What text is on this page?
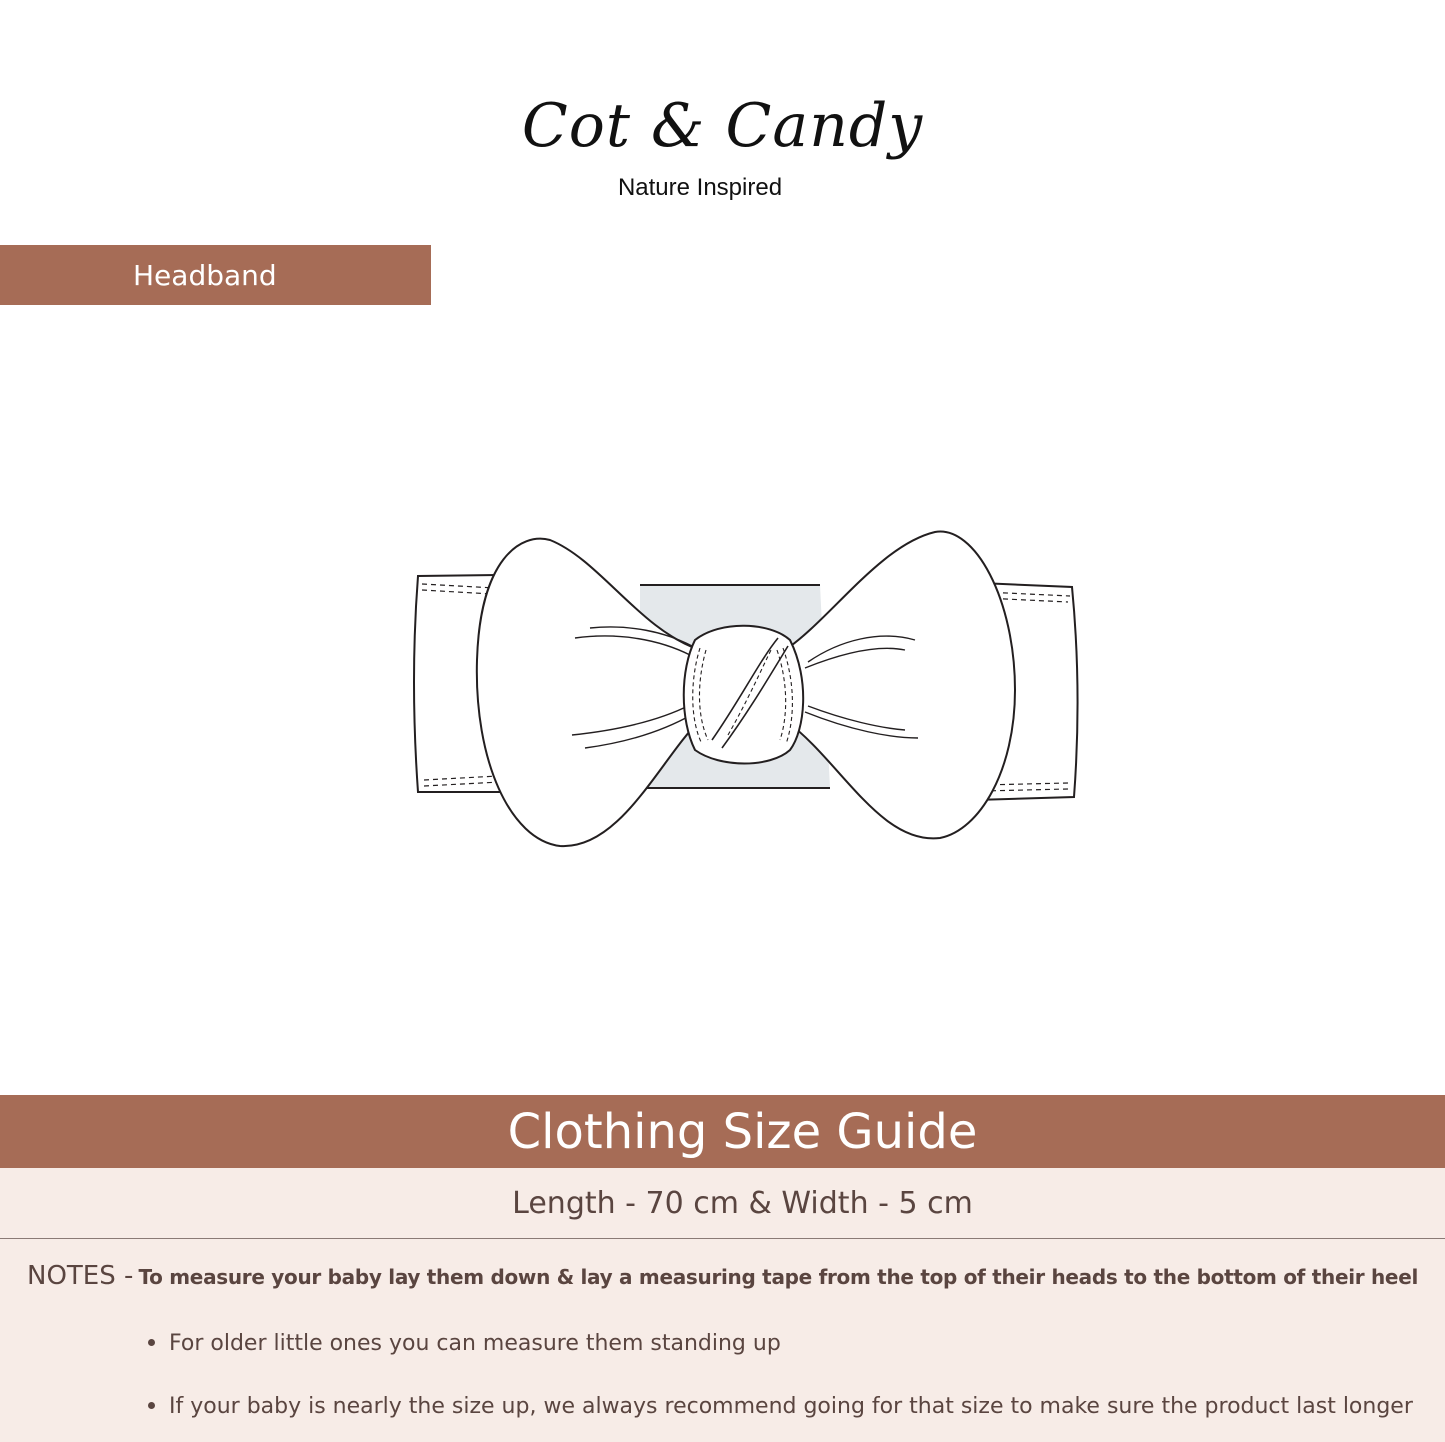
Cot & Candy
Nature Inspired
Headband
Clothing Size Guide
Length - 70 cm & Width - 5 cm
NOTES - To measure your baby lay them down & lay a measuring tape from the top of their heads to the bottom of their heel
For older little ones you can measure them standing up
If your baby is nearly the size up, we always recommend going for that size to make sure the product last longer
